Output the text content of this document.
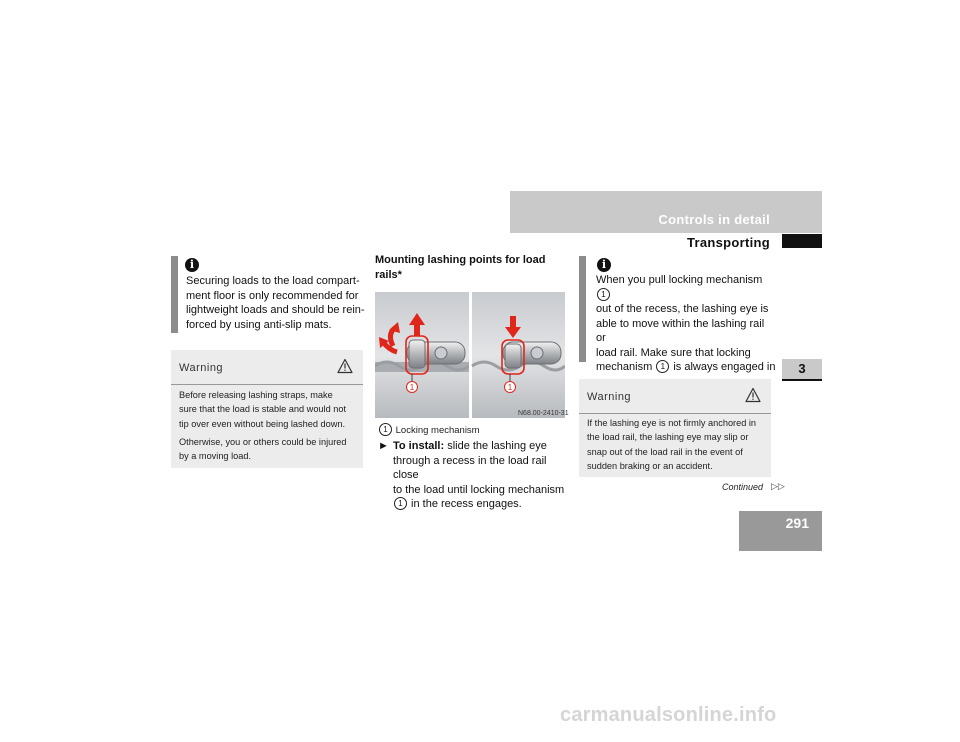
Controls in detail
Transporting
3
291
Continued ▷▷
i
Securing loads to the load compart-
ment floor is only recommended for
lightweight loads and should be rein-
forced by using anti-slip mats.
Warning

Before releasing lashing straps, make
sure that the load is stable and would not
tip over even without being lashed down.

Otherwise, you or others could be injured
by a moving load.

Mounting lashing points for load
rails*
1	1
N68.00-2410-31
1 Locking mechanism
► To install: slide the lashing eye
through a recess in the load rail close
to the load until locking mechanism
1 in the recess engages.
i
When you pull locking mechanism 1
out of the recess, the lashing eye is
able to move within the lashing rail or
load rail. Make sure that locking
mechanism 1 is always engaged in
Warning
If the lashing eye is not firmly anchored in
the load rail, the lashing eye may slip or
snap out of the load rail in the event of
sudden braking or an accident.
carmanualsonline.info
